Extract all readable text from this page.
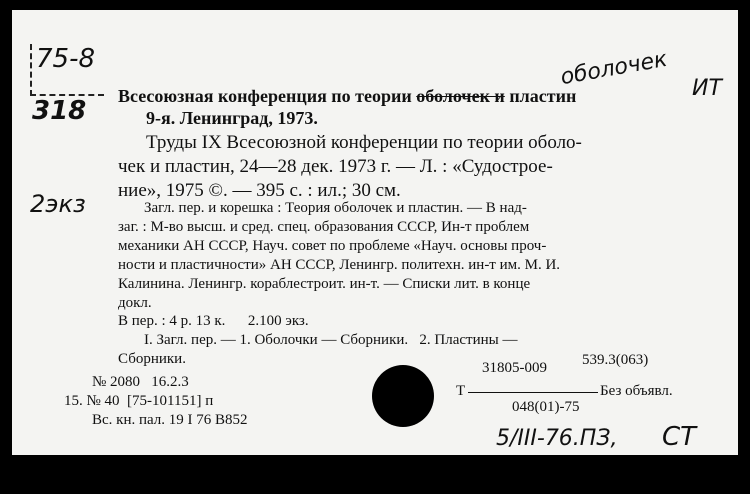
75-8
318
2экз
оболочек ИТ
Всесоюзная конференция по теории оболочек и пластин
9-я. Ленинград, 1973.
Труды IX Всесоюзной конференции по теории оболо-
чек и пластин, 24—28 дек. 1973 г. — Л. : «Судострое-
ние», 1975 ©. — 395 с. : ил.; 30 см.
Загл. пер. и корешка : Теория оболочек и пластин. — В над-
заг. : М-во высш. и сред. спец. образования СССР, Ин-т проблем
механики АН СССР, Науч. совет по проблеме «Науч. основы проч-
ности и пластичности» АН СССР, Ленингр. политехн. ин-т им. М. И.
Калинина. Ленингр. кораблестроит. ин-т. — Списки лит. в конце
докл.
В пер. : 4 р. 13 к.      2.100 экз.
I. Загл. пер. — 1. Оболочки — Сборники.   2. Пластины —
Сборники.	539.3(063)
№ 2080   16.2.3
15. № 40  [75-101151] п
Вс. кн. пал. 19 I 76 В852
31805-009
Т	Без объявл.
048(01)-75
5/III-76.ПЗ, СТ
